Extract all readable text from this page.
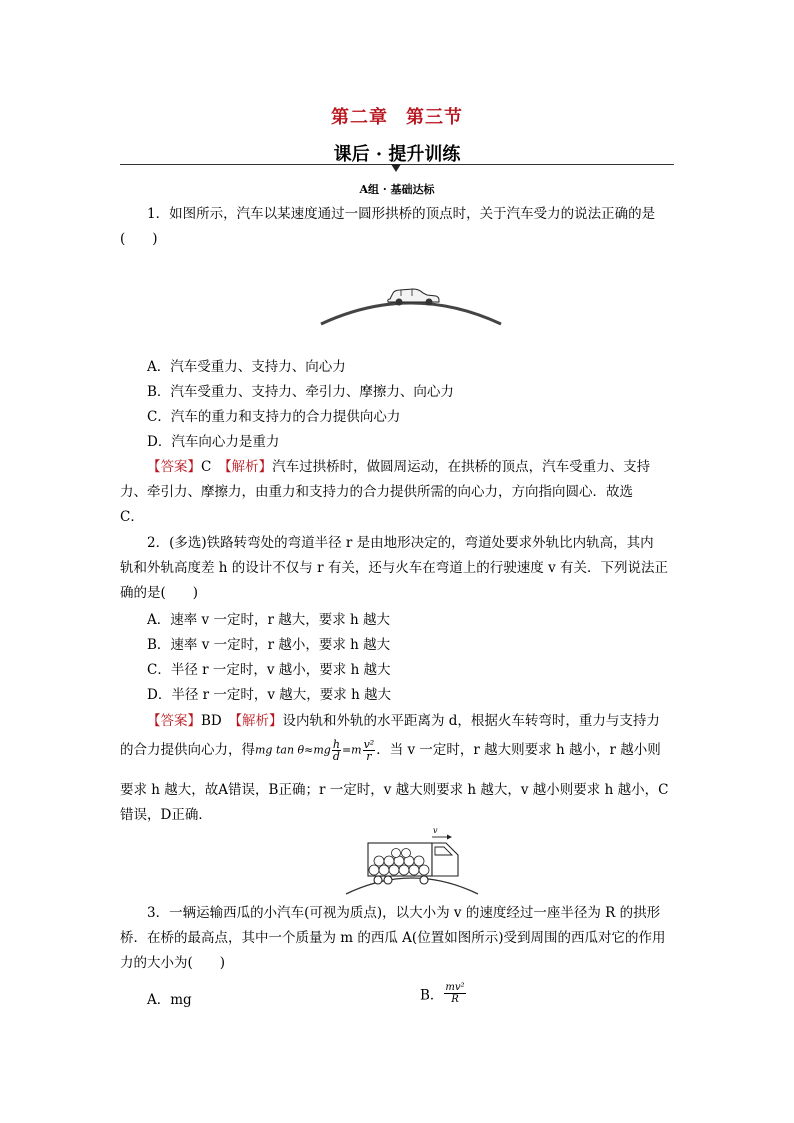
第二章 第三节
课后 · 提升训练
A组 · 基础达标
1．如图所示，汽车以某速度通过一圆形拱桥的顶点时，关于汽车受力的说法正确的是
(　　)
A．汽车受重力、支持力、向心力
B．汽车受重力、支持力、牵引力、摩擦力、向心力
C．汽车的重力和支持力的合力提供向心力
D．汽车向心力是重力
【答案】C　 【解析】汽车过拱桥时，做圆周运动，在拱桥的顶点，汽车受重力、支持
力、牵引力、摩擦力，由重力和支持力的合力提供所需的向心力，方向指向圆心．故选
C．
2．(多选)铁路转弯处的弯道半径 r 是由地形决定的，弯道处要求外轨比内轨高，其内
轨和外轨高度差 h 的设计不仅与 r 有关，还与火车在弯道上的行驶速度 v 有关．下列说法正
确的是(　　)
A．速率 v 一定时，r 越大，要求 h 越大
B．速率 v 一定时，r 越小，要求 h 越大
C．半径 r 一定时，v 越小，要求 h 越大
D．半径 r 一定时，v 越大，要求 h 越大
【答案】BD　 【解析】设内轨和外轨的水平距离为 d，根据火车转弯时，重力与支持力
的合力提供向心力，得mg $\tan \theta\approx mg \frac{h}{d} =m \frac{\text{v²}}{r}$ ．当 v 一定时，r 越大则要求 h 越小，r 越小则
要求 h 越大，故A错误，B正确；r 一定时，v 越大则要求 h 越大，v 越小则要求 h 越小，C
错误，D正确．
v
3．一辆运输西瓜的小汽车(可视为质点)，以大小为 v 的速度经过一座半径为 R 的拱形
桥．在桥的最高点，其中一个质量为 m 的西瓜 A(位置如图所示)受到周围的西瓜对它的作用
力的大小为(　　)
A．mg	B． $\frac{\text{mv²}}{R}$
